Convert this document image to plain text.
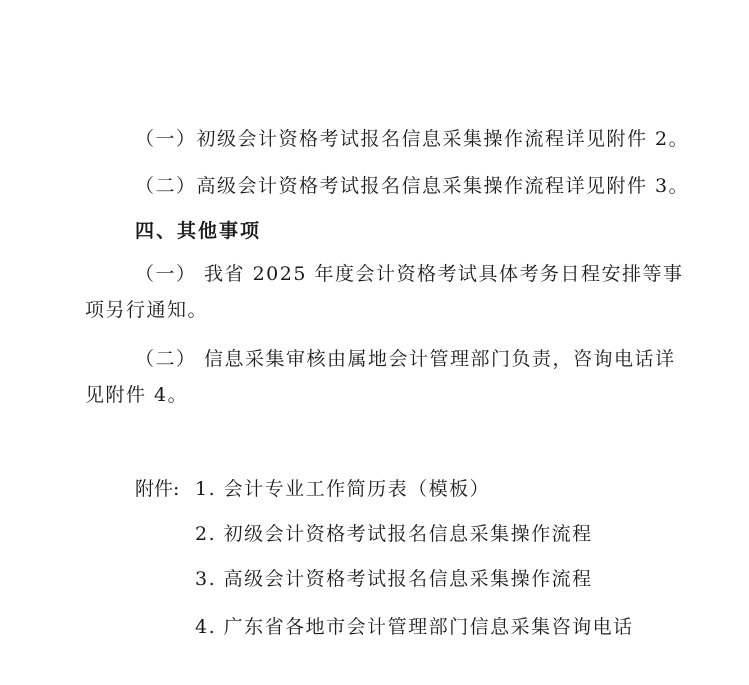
（一）初级会计资格考试报名信息采集操作流程详见附件 2。
（二）高级会计资格考试报名信息采集操作流程详见附件 3。
四、其他事项
（一） 我省 2025 年度会计资格考试具体考务日程安排等事
项另行通知。
（二） 信息采集审核由属地会计管理部门负责，咨询电话详
见附件 4。
附件: 1. 会计专业工作简历表（模板）
2. 初级会计资格考试报名信息采集操作流程
3. 高级会计资格考试报名信息采集操作流程
4. 广东省各地市会计管理部门信息采集咨询电话
